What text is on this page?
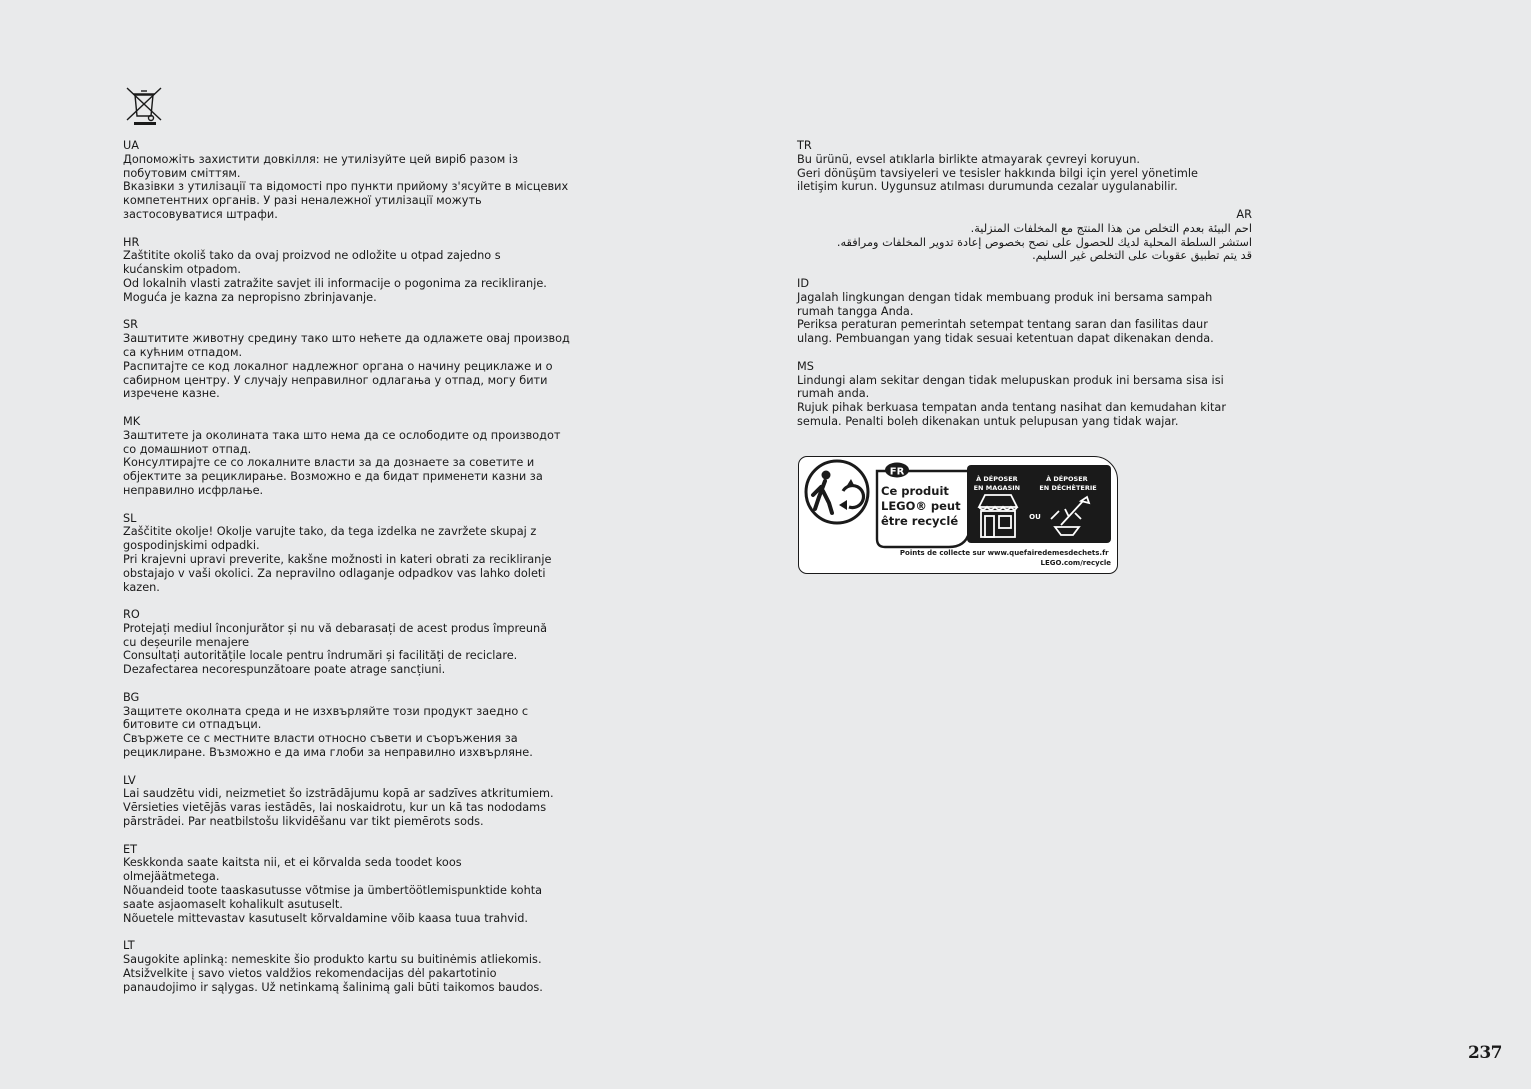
UA
Допоможіть захистити довкілля: не утилізуйте цей виріб разом із
побутовим сміттям.
Вказівки з утилізації та відомості про пункти прийому з'ясуйте в місцевих
компетентних органів. У разі неналежної утилізації можуть
застосовуватися штрафи.
HR
Zaštitite okoliš tako da ovaj proizvod ne odložite u otpad zajedno s
kućanskim otpadom.
Od lokalnih vlasti zatražite savjet ili informacije o pogonima za recikliranje.
Moguća je kazna za nepropisno zbrinjavanje.
SR
Заштитите животну средину тако што нећете да одлажете овај производ
са кућним отпадом.
Распитајте се код локалног надлежног органа о начину рециклаже и о
сабирном центру. У случају неправилног одлагања у отпад, могу бити
изречене казне.
MK
Заштитете ја околината така што нема да се ослободите од производот
со домашниот отпад.
Консултирајте се со локалните власти за да дознаете за советите и
објектите за рециклирање. Возможно е да бидат применети казни за
неправилно исфрлање.
SL
Zaščitite okolje! Okolje varujte tako, da tega izdelka ne zavržete skupaj z
gospodinjskimi odpadki.
Pri krajevni upravi preverite, kakšne možnosti in kateri obrati za recikliranje
obstajajo v vaši okolici. Za nepravilno odlaganje odpadkov vas lahko doleti
kazen.
RO
Protejați mediul înconjurător și nu vă debarasați de acest produs împreună
cu deșeurile menajere
Consultați autoritățile locale pentru îndrumări și facilități de reciclare.
Dezafectarea necorespunzătoare poate atrage sancțiuni.
BG
Защитете околната среда и не изхвърляйте този продукт заедно с
битовите си отпадъци.
Свържете се с местните власти относно съвети и съоръжения за
рециклиране. Възможно е да има глоби за неправилно изхвърляне.
LV
Lai saudzētu vidi, neizmetiet šo izstrādājumu kopā ar sadzīves atkritumiem.
Vērsieties vietējās varas iestādēs, lai noskaidrotu, kur un kā tas nododams
pārstrādei. Par neatbilstošu likvidēšanu var tikt piemērots sods.
ET
Keskkonda saate kaitsta nii, et ei kõrvalda seda toodet koos
olmejäätmetega.
Nõuandeid toote taaskasutusse võtmise ja ümbertöötlemispunktide kohta
saate asjaomaselt kohalikult asutuselt.
Nõuetele mittevastav kasutuselt kõrvaldamine võib kaasa tuua trahvid.
LT
Saugokite aplinką: nemeskite šio produkto kartu su buitinėmis atliekomis.
Atsižvelkite į savo vietos valdžios rekomendacijas dėl pakartotinio
panaudojimo ir sąlygas. Už netinkamą šalinimą gali būti taikomos baudos.
TR
Bu ürünü, evsel atıklarla birlikte atmayarak çevreyi koruyun.
Geri dönüşüm tavsiyeleri ve tesisler hakkında bilgi için yerel yönetimle
iletişim kurun. Uygunsuz atılması durumunda cezalar uygulanabilir.
AR
احم البيئة بعدم التخلص من هذا المنتج مع المخلفات المنزلية.
استشر السلطة المحلية لديك للحصول على نصح بخصوص إعادة تدوير المخلفات ومرافقه.
قد يتم تطبيق عقوبات على التخلص غير السليم.
ID
Jagalah lingkungan dengan tidak membuang produk ini bersama sampah
rumah tangga Anda.
Periksa peraturan pemerintah setempat tentang saran dan fasilitas daur
ulang. Pembuangan yang tidak sesuai ketentuan dapat dikenakan denda.
MS
Lindungi alam sekitar dengan tidak melupuskan produk ini bersama sisa isi
rumah anda.
Rujuk pihak berkuasa tempatan anda tentang nasihat dan kemudahan kitar
semula. Penalti boleh dikenakan untuk pelupusan yang tidak wajar.
FR
Ce produit LEGO® peut être recyclé
À DÉPOSER EN MAGASIN À DÉPOSER EN DÉCHÈTERIE
OU
Points de collecte sur www.quefairedemesdechets.fr LEGO.com/recycle
237
